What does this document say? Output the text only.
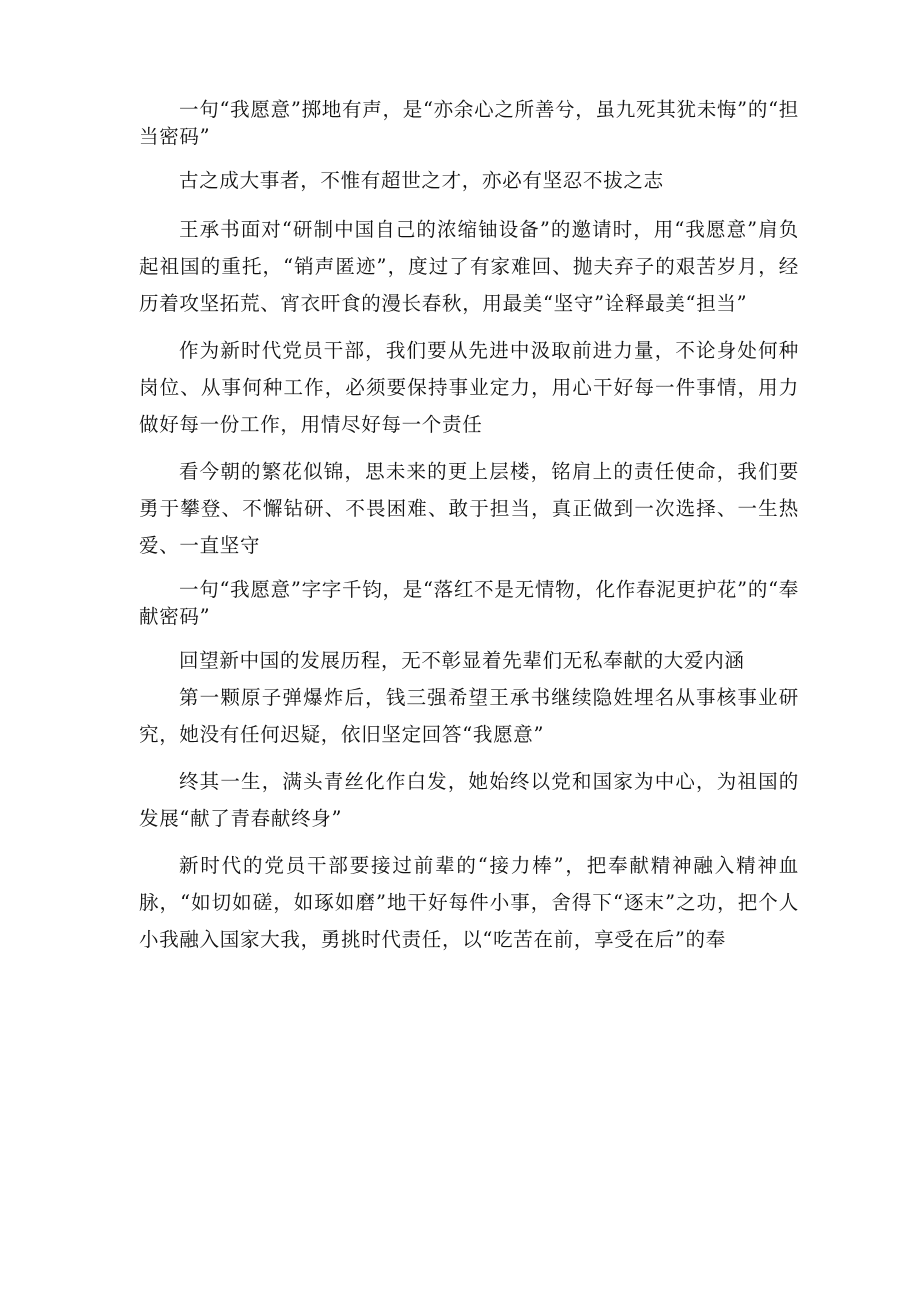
一句“我愿意”掷地有声，是“亦余心之所善兮，虽九死其犹未悔”的“担当密码”

古之成大事者，不惟有超世之才，亦必有坚忍不拔之志

王承书面对“研制中国自己的浓缩铀设备”的邀请时，用“我愿意”肩负起祖国的重托，“销声匿迹”，度过了有家难回、抛夫弃子的艰苦岁月，经历着攻坚拓荒、宵衣旰食的漫长春秋，用最美“坚守”诠释最美“担当”

作为新时代党员干部，我们要从先进中汲取前进力量，不论身处何种岗位、从事何种工作，必须要保持事业定力，用心干好每一件事情，用力做好每一份工作，用情尽好每一个责任

看今朝的繁花似锦，思未来的更上层楼，铭肩上的责任使命，我们要勇于攀登、不懈钻研、不畏困难、敢于担当，真正做到一次选择、一生热爱、一直坚守

一句“我愿意”字字千钧，是“落红不是无情物，化作春泥更护花”的“奉献密码”

回望新中国的发展历程，无不彰显着先辈们无私奉献的大爱内涵

第一颗原子弹爆炸后，钱三强希望王承书继续隐姓埋名从事核事业研究，她没有任何迟疑，依旧坚定回答“我愿意”

终其一生，满头青丝化作白发，她始终以党和国家为中心，为祖国的发展“献了青春献终身”

新时代的党员干部要接过前辈的“接力棒”，把奉献精神融入精神血脉，“如切如磋，如琢如磨”地干好每件小事，舍得下“逐末”之功，把个人小我融入国家大我，勇挑时代责任，以“吃苦在前，享受在后”的奉
